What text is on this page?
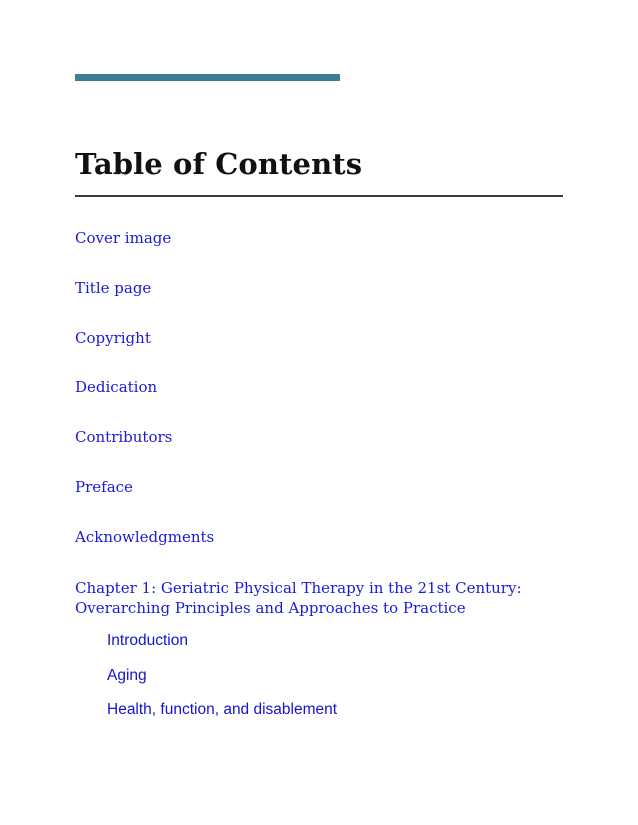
Table of Contents
Cover image
Title page
Copyright
Dedication
Contributors
Preface
Acknowledgments
Chapter 1: Geriatric Physical Therapy in the 21st Century:
Overarching Principles and Approaches to Practice
Introduction
Aging
Health, function, and disablement
